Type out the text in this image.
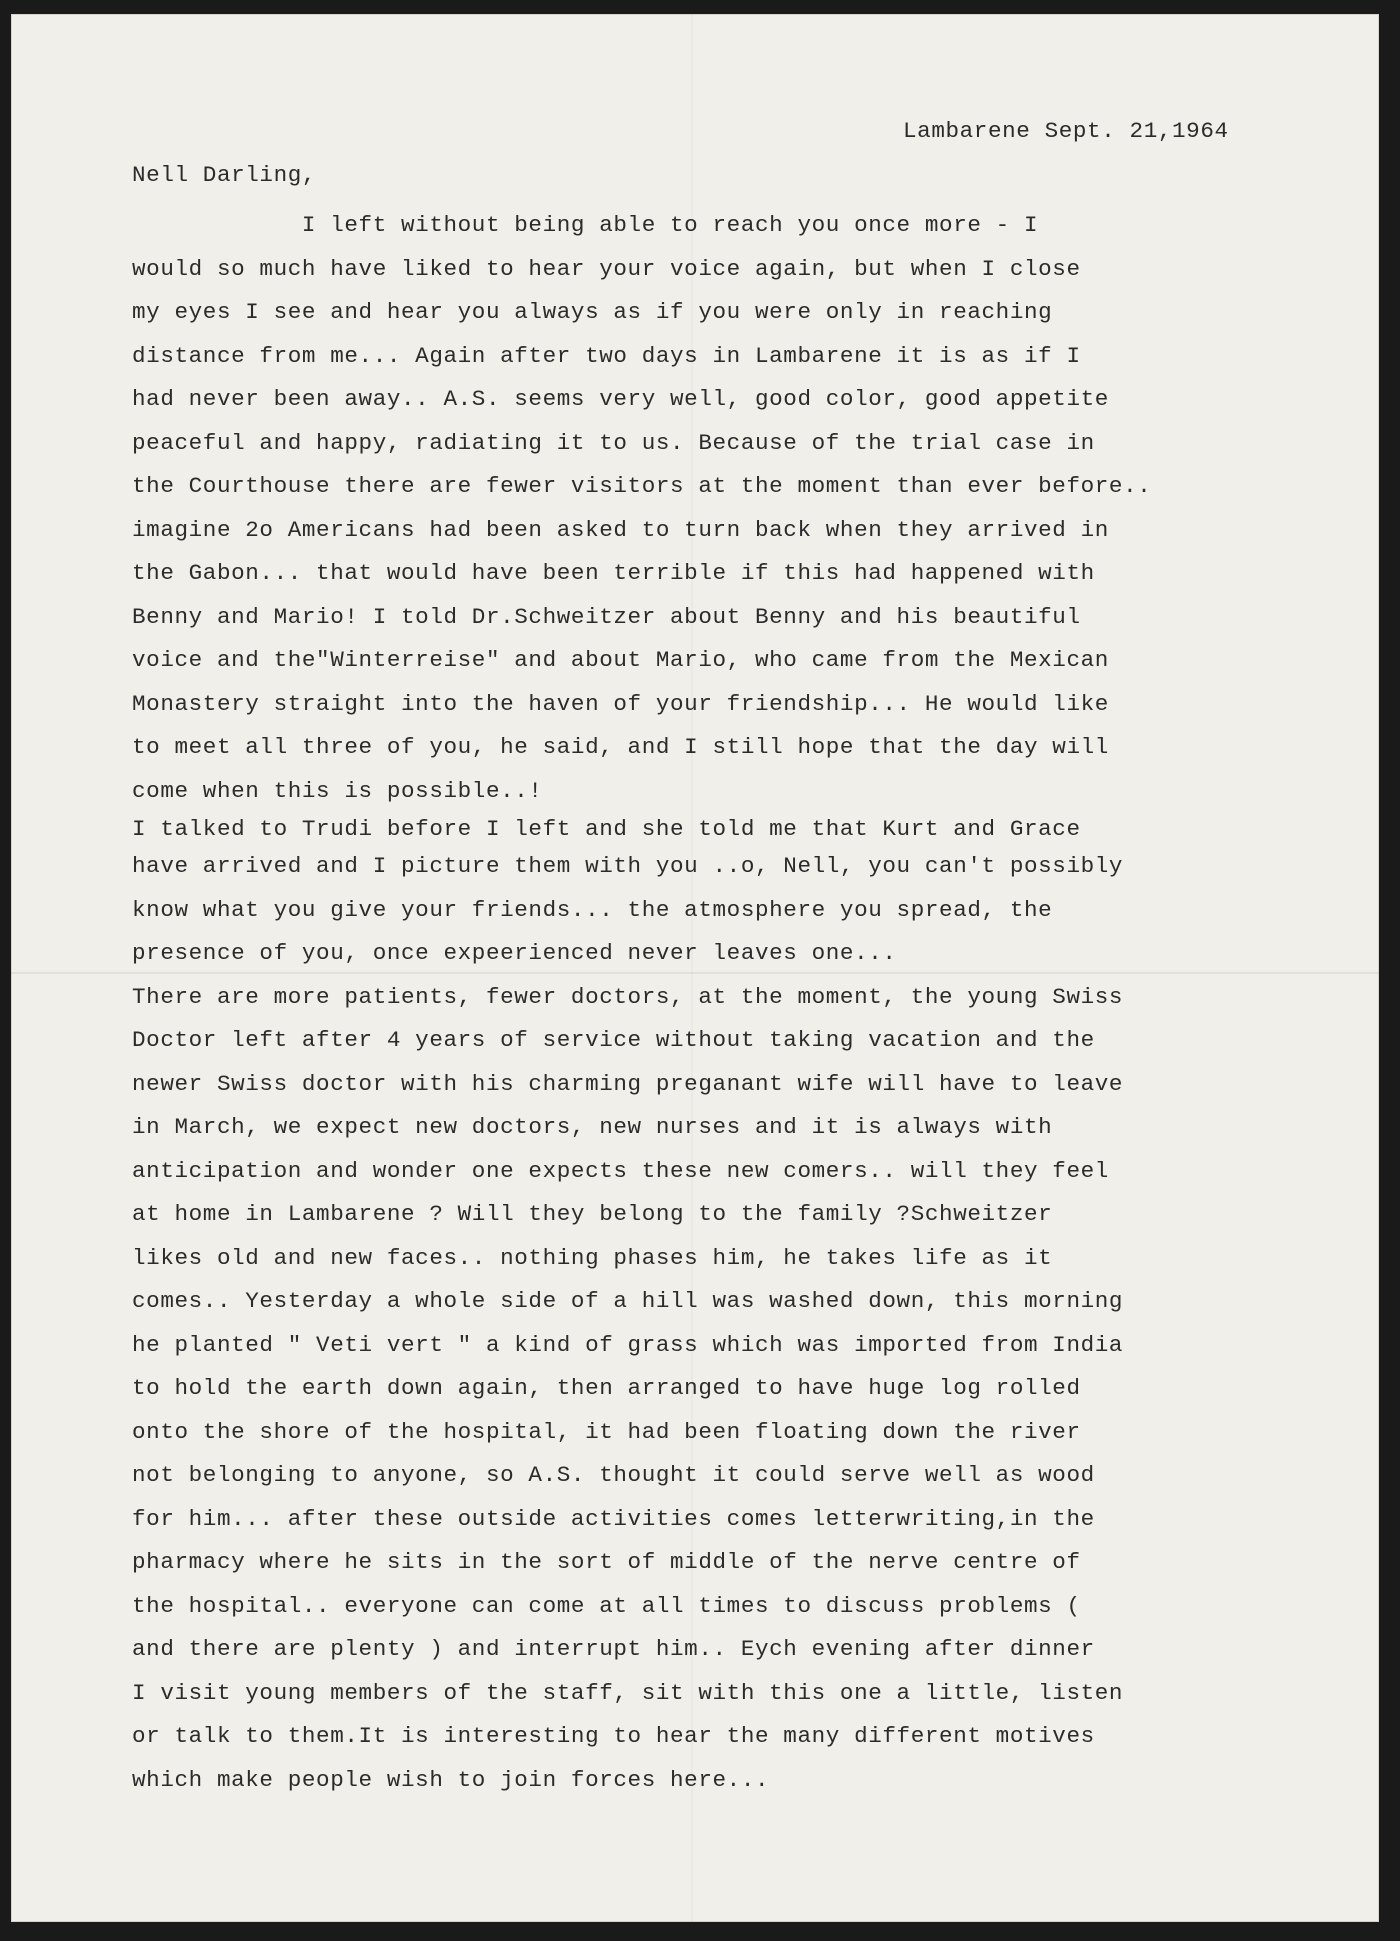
Lambarene Sept. 21,1964
Nell Darling,
I left without being able to reach you once more - I
would so much have liked to hear your voice again, but when I close
my eyes I see and hear you always as if you were only in reaching
distance from me... Again after two days in Lambarene it is as if I
had never been away.. A.S. seems very well, good color, good appetite
peaceful and happy, radiating it to us. Because of the trial case in
the Courthouse there are fewer visitors at the moment than ever before..
imagine 2o Americans had been asked to turn back when they arrived in
the Gabon... that would have been terrible if this had happened with
Benny and Mario! I told Dr.Schweitzer about Benny and his beautiful
voice and the"Winterreise" and about Mario, who came from the Mexican
Monastery straight into the haven of your friendship... He would like
to meet all three of you, he said, and I still hope that the day will
come when this is possible..!
I talked to Trudi before I left and she told me that Kurt and Grace
have arrived and I picture them with you ..o, Nell, you can't possibly
know what you give your friends... the atmosphere you spread, the
presence of you, once expeerienced never leaves one...
There are more patients, fewer doctors, at the moment, the young Swiss
Doctor left after 4 years of service without taking vacation and the
newer Swiss doctor with his charming preganant wife will have to leave
in March, we expect new doctors, new nurses and it is always with
anticipation and wonder one expects these new comers.. will they feel
at home in Lambarene ? Will they belong to the family ?Schweitzer
likes old and new faces.. nothing phases him, he takes life as it
comes.. Yesterday a whole side of a hill was washed down, this morning
he planted " Veti vert " a kind of grass which was imported from India
to hold the earth down again, then arranged to have huge log rolled
onto the shore of the hospital, it had been floating down the river
not belonging to anyone, so A.S. thought it could serve well as wood
for him... after these outside activities comes letterwriting,in the
pharmacy where he sits in the sort of middle of the nerve centre of
the hospital.. everyone can come at all times to discuss problems (
and there are plenty ) and interrupt him.. Eych evening after dinner
I visit young members of the staff, sit with this one a little, listen
or talk to them.It is interesting to hear the many different motives
which make people wish to join forces here...
